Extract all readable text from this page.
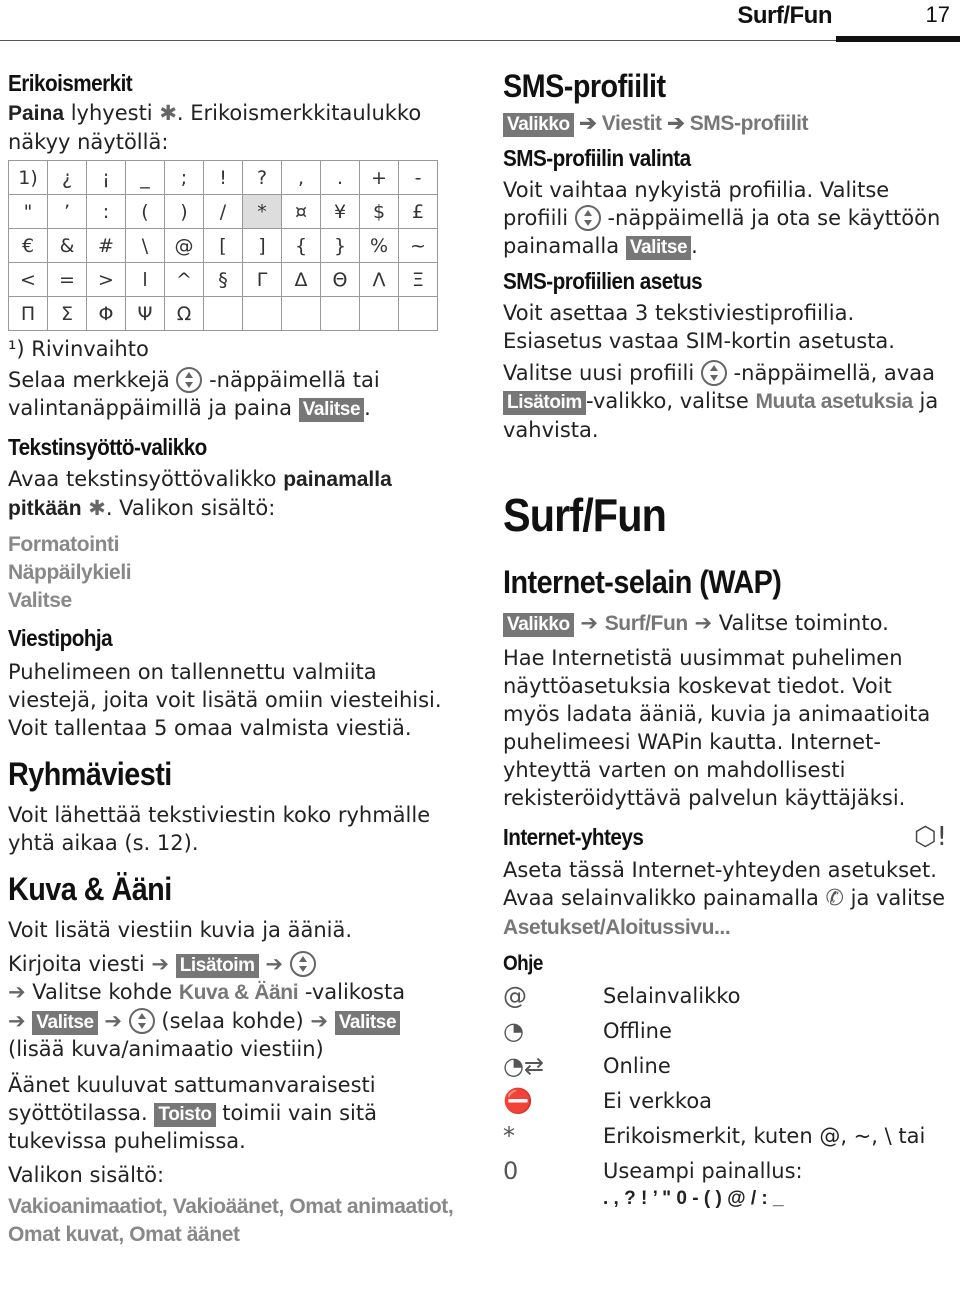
Surf/Fun	17
Erikoismerkit
Paina lyhyesti ✱. Erikoismerkkitaulukko näkyy näytöllä:
1)	¿	¡	_	;	!	?	,	.	+	-
"	’	:	(	)	/	*	¤	¥	$	£
€	&	#	\	@	[	]	{	}	%	~
<	=	>	l	^	§	Γ	Δ	Θ	Λ	Ξ
Π	Σ	Φ	Ψ	Ω						
¹) Rivinvaihto
Selaa merkkejä  -näppäimellä tai valintanäppäimillä ja paina Valitse .
Tekstinsyöttö-valikko
Avaa tekstinsyöttövalikko painamalla pitkään ✱. Valikon sisältö:
Formatointi
Näppäilykieli
Valitse
Viestipohja
Puhelimeen on tallennettu valmiita viestejä, joita voit lisätä omiin viesteihisi. Voit tallentaa 5 omaa valmista viestiä.
Ryhmäviesti
Voit lähettää tekstiviestin koko ryhmälle yhtä aikaa (s. 12).
Kuva & Ääni
Voit lisätä viestiin kuvia ja ääniä.
Kirjoita viesti ➔ Lisätoim ➔
➔ Valitse kohde Kuva & Ääni -valikosta
➔ Valitse ➔ (selaa kohde) ➔ Valitse
(lisää kuva/animaatio viestiin)
Äänet kuuluvat sattumanvaraisesti syöttötilassa. Toisto toimii vain sitä tukevissa puhelimissa.
Valikon sisältö:
Vakioanimaatiot, Vakioäänet, Omat animaatiot, Omat kuvat, Omat äänet
SMS-profiilit
Valikko ➔ Viestit ➔ SMS-profiilit
SMS-profiilin valinta
Voit vaihtaa nykyistä profiilia. Valitse profiili  -näppäimellä ja ota se käyttöön painamalla Valitse .
SMS-profiilien asetus
Voit asettaa 3 tekstiviestiprofiilia. Esiasetus vastaa SIM-kortin asetusta.
Valitse uusi profiili  -näppäimellä, avaa Lisätoim -valikko, valitse Muuta asetuksia ja vahvista.
Surf/Fun
Internet-selain (WAP)
Valikko ➔ Surf/Fun ➔ Valitse toiminto.
Hae Internetistä uusimmat puhelimen näyttöasetuksia koskevat tiedot. Voit myös ladata ääniä, kuvia ja animaatioita puhelimeesi WAPin kautta. Internet-yhteyttä varten on mahdollisesti rekisteröidyttävä palvelun käyttäjäksi.
Internet-yhteys	⬡!
Aseta tässä Internet-yhteyden asetukset. Avaa selainvalikko painamalla ✆ ja valitse Asetukset/Aloitussivu...
Ohje
@	Selainvalikko
◔	Offline
◔⇄	Online
⛔	Ei verkkoa
*	Erikoismerkit, kuten @, ~, \ tai
0	Useampi painallus:
. , ? ! ’ " 0 - ( ) @ / : _
